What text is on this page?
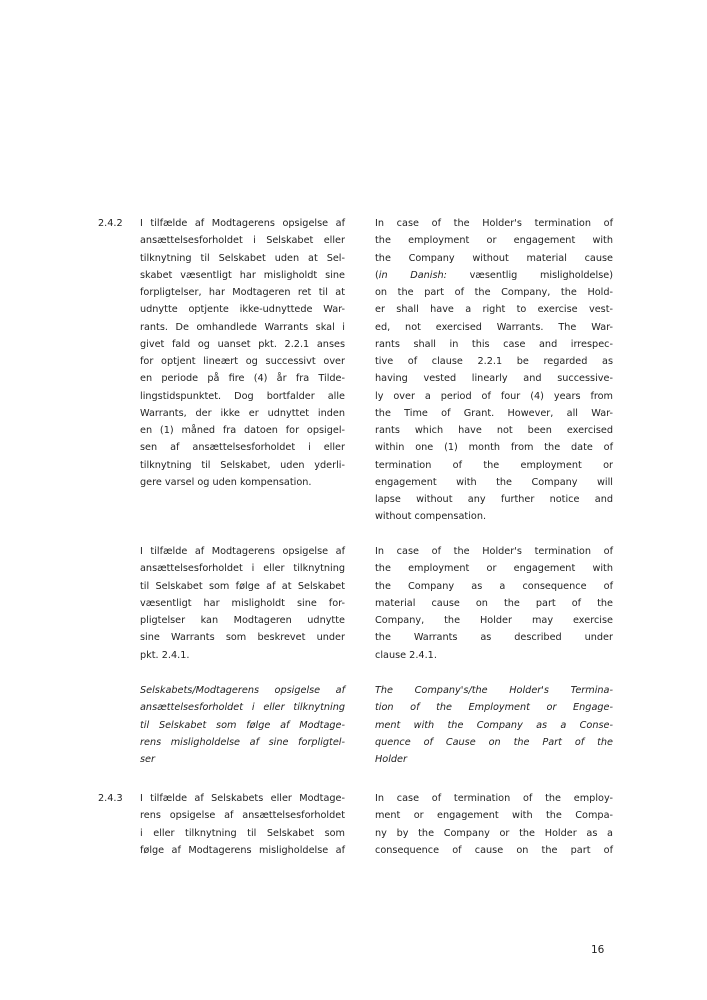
2.4.2 I tilfælde af Modtagerens opsigelse af
ansættelsesforholdet i Selskabet eller
tilknytning til Selskabet uden at Sel-
skabet væsentligt har misligholdt sine
forpligtelser, har Modtageren ret til at
udnytte optjente ikke-udnyttede War-
rants. De omhandlede Warrants skal i
givet fald og uanset pkt. 2.2.1 anses
for optjent lineært og successivt over
en periode på fire (4) år fra Tilde-
lingstidspunktet. Dog bortfalder alle
Warrants, der ikke er udnyttet inden
en (1) måned fra datoen for opsigel-
sen af ansættelsesforholdet i eller
tilknytning til Selskabet, uden yderli-
gere varsel og uden kompensation.
In case of the Holder's termination of
the employment or engagement with
the Company without material cause
(in Danish: væsentlig misligholdelse)
on the part of the Company, the Hold-
er shall have a right to exercise vest-
ed, not exercised Warrants. The War-
rants shall in this case and irrespec-
tive of clause 2.2.1 be regarded as
having vested linearly and successive-
ly over a period of four (4) years from
the Time of Grant. However, all War-
rants which have not been exercised
within one (1) month from the date of
termination of the employment or
engagement with the Company will
lapse without any further notice and
without compensation.
I tilfælde af Modtagerens opsigelse af
ansættelsesforholdet i eller tilknytning
til Selskabet som følge af at Selskabet
væsentligt har misligholdt sine for-
pligtelser kan Modtageren udnytte
sine Warrants som beskrevet under
pkt. 2.4.1.
In case of the Holder's termination of
the employment or engagement with
the Company as a consequence of
material cause on the part of the
Company, the Holder may exercise
the Warrants as described under
clause 2.4.1.
Selskabets/Modtagerens opsigelse af
ansættelsesforholdet i eller tilknytning
til Selskabet som følge af Modtage-
rens misligholdelse af sine forpligtel-
ser
The Company's/the Holder's Termina-
tion of the Employment or Engage-
ment with the Company as a Conse-
quence of Cause on the Part of the
Holder
2.4.3 I tilfælde af Selskabets eller Modtage-
rens opsigelse af ansættelsesforholdet
i eller tilknytning til Selskabet som
følge af Modtagerens misligholdelse af
In case of termination of the employ-
ment or engagement with the Compa-
ny by the Company or the Holder as a
consequence of cause on the part of
16
